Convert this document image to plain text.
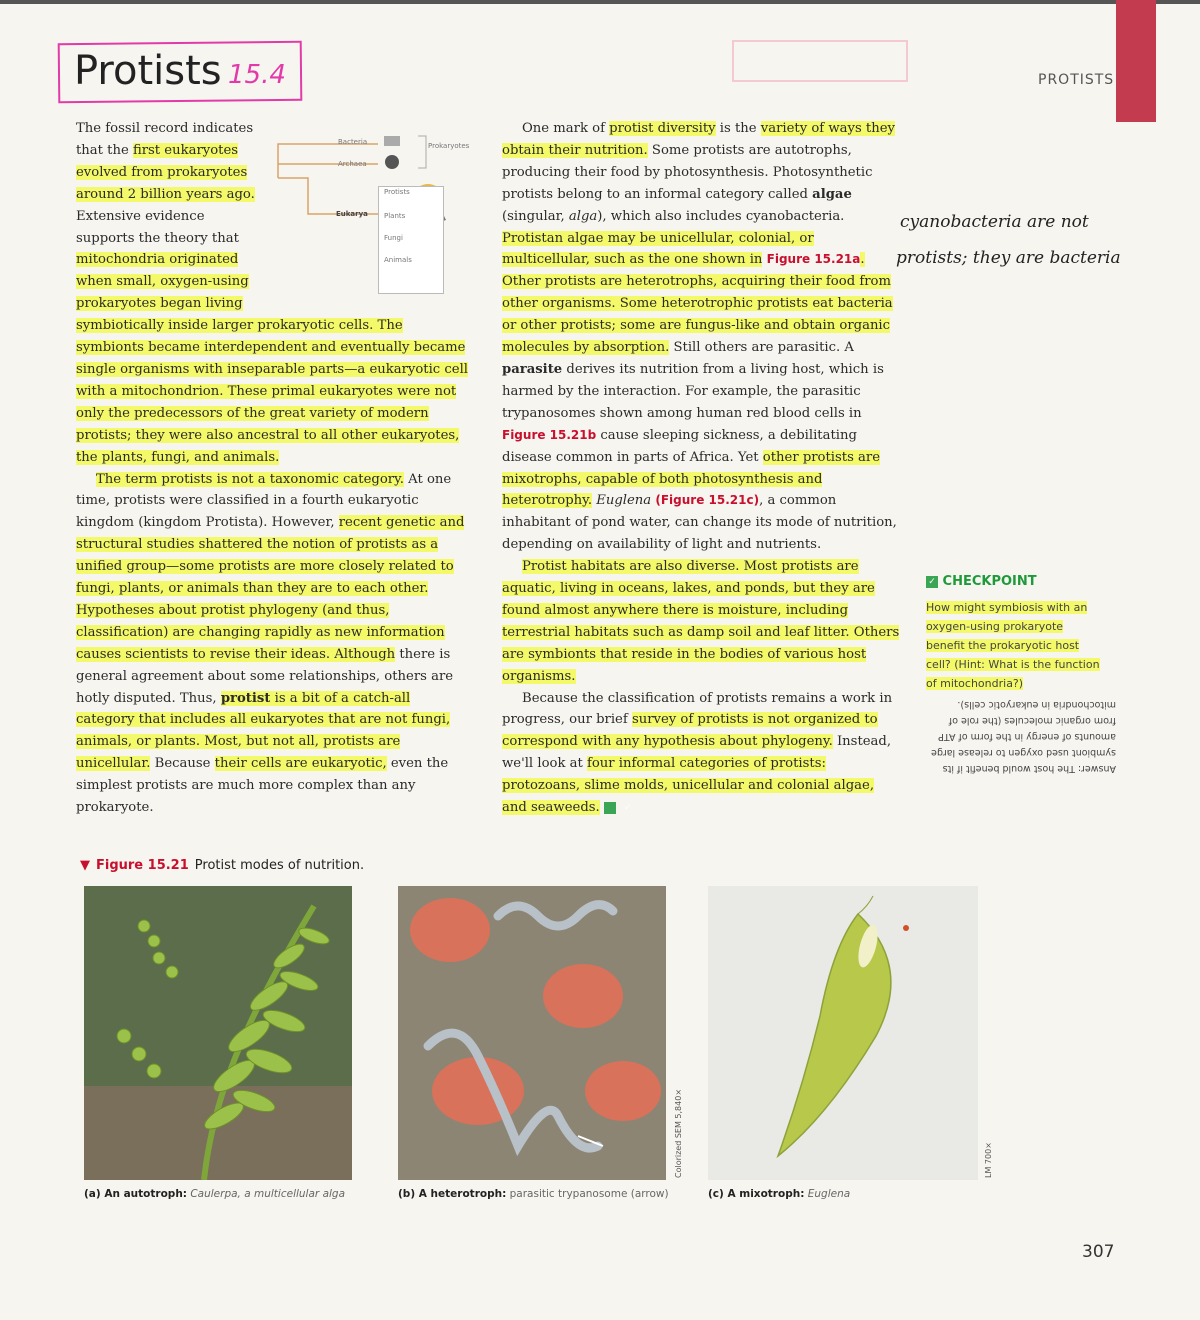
PROTISTS
Protists 15.4
Bacteria
Archaea
Prokaryotes
Eukarya
Protists
Plants
Fungi
Animals

The fossil record indicates that the first eukaryotes evolved from prokaryotes around 2 billion years ago. Extensive evidence supports the theory that mitochondria originated when small, oxygen-using prokaryotes began living symbiotically inside larger prokaryotic cells. The symbionts became interdependent and eventually became single organisms with inseparable parts—a eukaryotic cell with a mitochondrion. These primal eukaryotes were not only the predecessors of the great variety of modern protists; they were also ancestral to all other eukaryotes, the plants, fungi, and animals.

The term protists is not a taxonomic category. At one time, protists were classified in a fourth eukaryotic kingdom (kingdom Protista). However, recent genetic and structural studies shattered the notion of protists as a unified group—some protists are more closely related to fungi, plants, or animals than they are to each other. Hypotheses about protist phylogeny (and thus, classification) are changing rapidly as new information causes scientists to revise their ideas. Although there is general agreement about some relationships, others are hotly disputed. Thus, protist is a bit of a catch-all category that includes all eukaryotes that are not fungi, animals, or plants. Most, but not all, protists are unicellular. Because their cells are eukaryotic, even the simplest protists are much more complex than any prokaryote.

One mark of protist diversity is the variety of ways they obtain their nutrition. Some protists are autotrophs, producing their food by photosynthesis. Photosynthetic protists belong to an informal category called algae (singular, alga), which also includes cyanobacteria. Protistan algae may be unicellular, colonial, or multicellular, such as the one shown in Figure 15.21a. Other protists are heterotrophs, acquiring their food from other organisms. Some heterotrophic protists eat bacteria or other protists; some are fungus-like and obtain organic molecules by absorption. Still others are parasitic. A parasite derives its nutrition from a living host, which is harmed by the interaction. For example, the parasitic trypanosomes shown among human red blood cells in Figure 15.21b cause sleeping sickness, a debilitating disease common in parts of Africa. Yet other protists are mixotrophs, capable of both photosynthesis and heterotrophy. Euglena (Figure 15.21c), a common inhabitant of pond water, can change its mode of nutrition, depending on availability of light and nutrients.

Protist habitats are also diverse. Most protists are aquatic, living in oceans, lakes, and ponds, but they are found almost anywhere there is moisture, including terrestrial habitats such as damp soil and leaf litter. Others are symbionts that reside in the bodies of various host organisms.

Because the classification of protists remains a work in progress, our brief survey of protists is not organized to correspond with any hypothesis about phylogeny. Instead, we'll look at four informal categories of protists: protozoans, slime molds, unicellular and colonial algae, and seaweeds.	✓

cyanobacteria are not
protists; they are bacteria
✓ CHECKPOINT
How might symbiosis with an oxygen-using prokaryote benefit the prokaryotic host cell? (Hint: What is the function of mitochondria?)
Answer: The host would benefit if its symbiont used oxygen to release large amounts of energy in the form of ATP from organic molecules (the role of mitochondria in eukaryotic cells).
▼ Figure 15.21 Protist modes of nutrition.
Colorized SEM 5,840×	LM 700×
(a) An autotroph: Caulerpa, a multicellular alga	(b) A heterotroph: parasitic trypanosome (arrow)	(c) A mixotroph: Euglena
307
